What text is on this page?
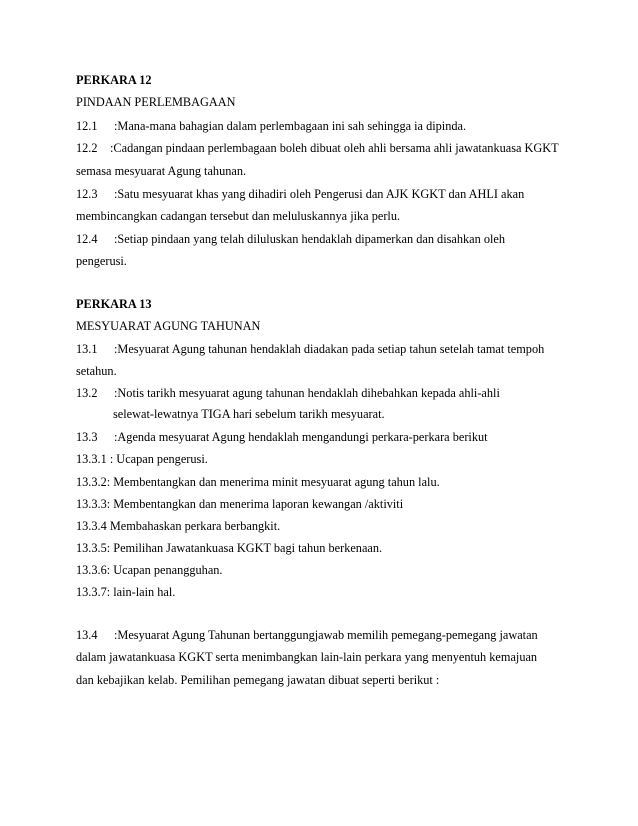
PERKARA 12
PINDAAN PERLEMBAGAAN
12.1 :Mana-mana bahagian dalam perlembagaan ini sah sehingga ia dipinda.
12.2 :Cadangan pindaan perlembagaan boleh dibuat oleh ahli bersama ahli jawatankuasa KGKT
semasa mesyuarat Agung tahunan.
12.3 :Satu mesyuarat khas yang dihadiri oleh Pengerusi dan AJK KGKT dan AHLI akan
membincangkan cadangan tersebut dan meluluskannya jika perlu.
12.4 :Setiap pindaan yang telah diluluskan hendaklah dipamerkan dan disahkan oleh
pengerusi.
PERKARA 13
MESYUARAT AGUNG TAHUNAN
13.1 :Mesyuarat Agung tahunan hendaklah diadakan pada setiap tahun setelah tamat tempoh
setahun.
13.2 :Notis tarikh mesyuarat agung tahunan hendaklah dihebahkan kepada ahli-ahli
selewat-lewatnya TIGA hari sebelum tarikh mesyuarat.
13.3 :Agenda mesyuarat Agung hendaklah mengandungi perkara-perkara berikut
13.3.1 : Ucapan pengerusi.
13.3.2: Membentangkan dan menerima minit mesyuarat agung tahun lalu.
13.3.3: Membentangkan dan menerima laporan kewangan /aktiviti
13.3.4 Membahaskan perkara berbangkit.
13.3.5: Pemilihan Jawatankuasa KGKT bagi tahun berkenaan.
13.3.6: Ucapan penangguhan.
13.3.7: lain-lain hal.
13.4 :Mesyuarat Agung Tahunan bertanggungjawab memilih pemegang-pemegang jawatan
dalam jawatankuasa KGKT serta menimbangkan lain-lain perkara yang menyentuh kemajuan
dan kebajikan kelab. Pemilihan pemegang jawatan dibuat seperti berikut :
